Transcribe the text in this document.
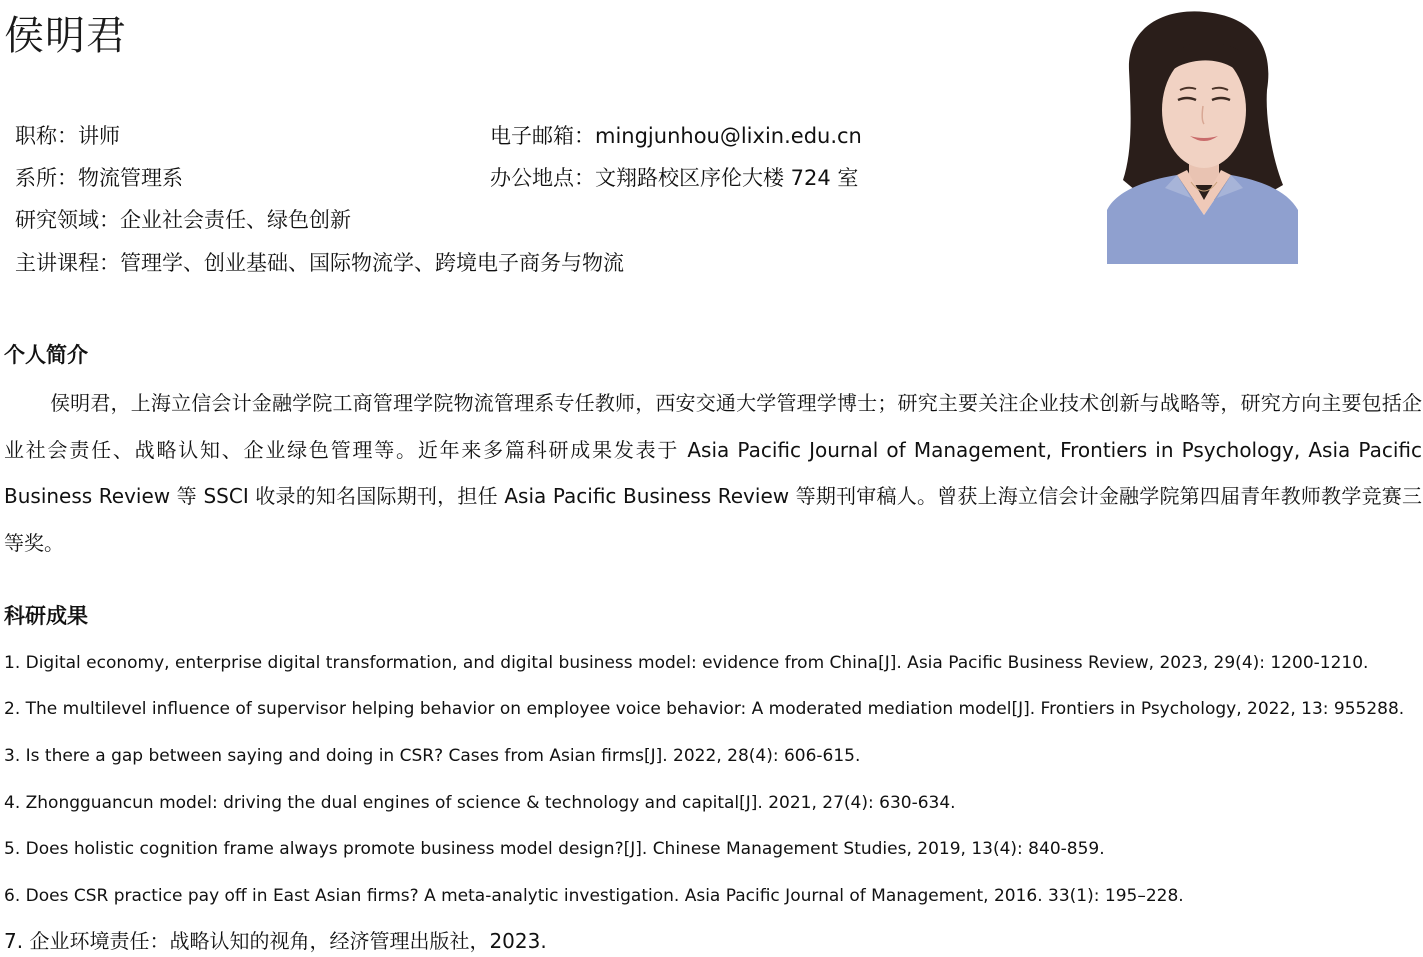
侯明君
职称：讲师	电子邮箱：mingjunhou@lixin.edu.cn
系所：物流管理系	办公地点：文翔路校区序伦大楼 724 室
研究领域：企业社会责任、绿色创新
主讲课程：管理学、创业基础、国际物流学、跨境电子商务与物流
个人简介
侯明君，上海立信会计金融学院工商管理学院物流管理系专任教师，西安交通大学管理学博士；研究主要关注企业技术创新与战略等，研究方向主要包括企业社会责任、战略认知、企业绿色管理等。近年来多篇科研成果发表于 Asia Pacific Journal of Management, Frontiers in Psychology, Asia Pacific Business Review 等 SSCI 收录的知名国际期刊，担任 Asia Pacific Business Review 等期刊审稿人。曾获上海立信会计金融学院第四届青年教师教学竞赛三等奖。
科研成果
1. Digital economy, enterprise digital transformation, and digital business model: evidence from China[J]. Asia Pacific Business Review, 2023, 29(4): 1200-1210.
2. The multilevel influence of supervisor helping behavior on employee voice behavior: A moderated mediation model[J]. Frontiers in Psychology, 2022, 13: 955288.
3. Is there a gap between saying and doing in CSR? Cases from Asian firms[J]. 2022, 28(4): 606-615.
4. Zhongguancun model: driving the dual engines of science & technology and capital[J]. 2021, 27(4): 630-634.
5. Does holistic cognition frame always promote business model design?[J]. Chinese Management Studies, 2019, 13(4): 840-859.
6. Does CSR practice pay off in East Asian firms? A meta-analytic investigation. Asia Pacific Journal of Management, 2016. 33(1): 195–228.
7. 企业环境责任：战略认知的视角，经济管理出版社，2023.
